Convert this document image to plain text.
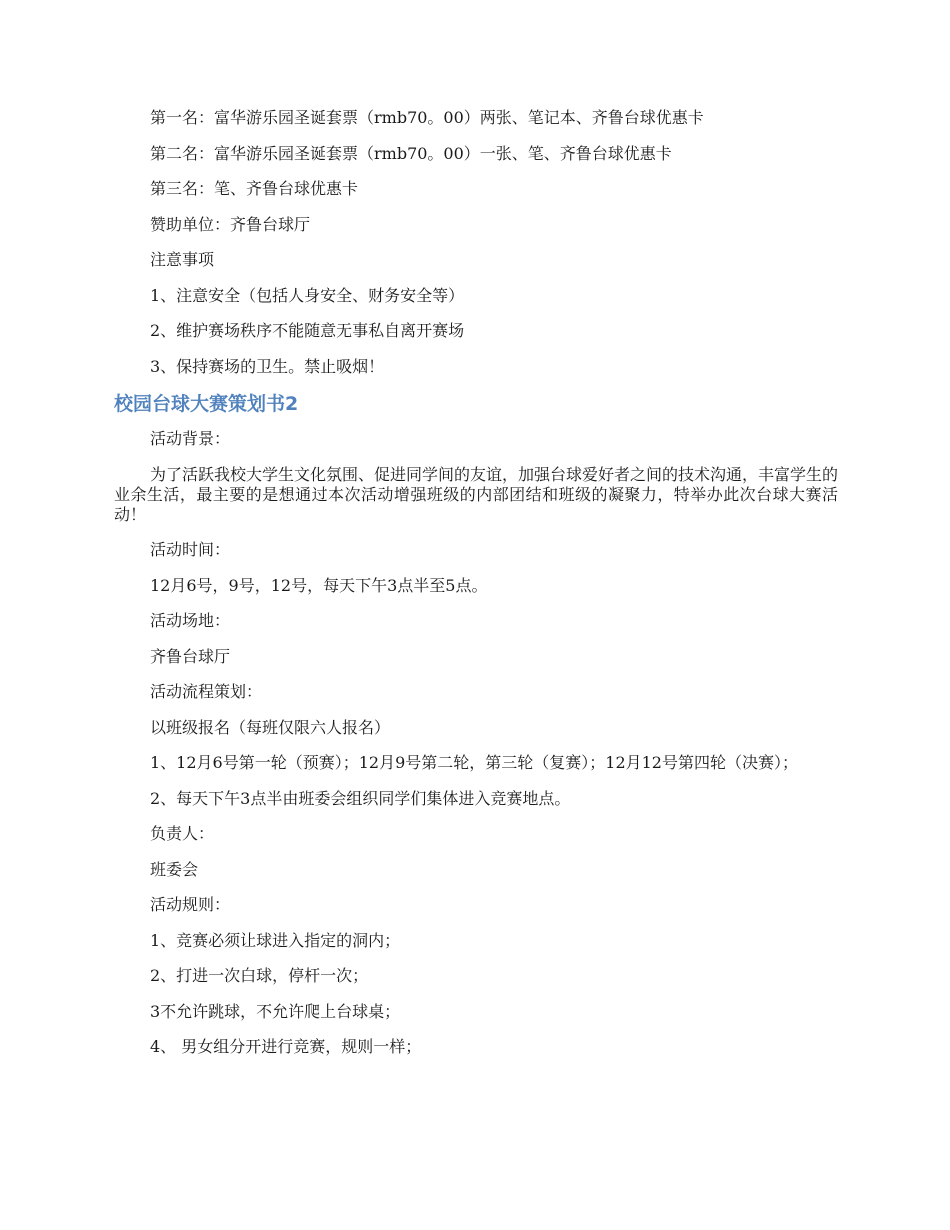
第一名：富华游乐园圣诞套票（rmb70。00）两张、笔记本、齐鲁台球优惠卡

第二名：富华游乐园圣诞套票（rmb70。00）一张、笔、齐鲁台球优惠卡

第三名：笔、齐鲁台球优惠卡

赞助单位：齐鲁台球厅

注意事项

1、注意安全（包括人身安全、财务安全等）

2、维护赛场秩序不能随意无事私自离开赛场

3、保持赛场的卫生。禁止吸烟！

校园台球大赛策划书2

活动背景：

为了活跃我校大学生文化氛围、促进同学间的友谊，加强台球爱好者之间的技术沟通，丰富学生的业余生活，最主要的是想通过本次活动增强班级的内部团结和班级的凝聚力，特举办此次台球大赛活动！

活动时间：

12月6号，9号，12号，每天下午3点半至5点。

活动场地：

齐鲁台球厅

活动流程策划：

以班级报名（每班仅限六人报名）

1、12月6号第一轮（预赛）；12月9号第二轮，第三轮（复赛）；12月12号第四轮（决赛）；

2、每天下午3点半由班委会组织同学们集体进入竞赛地点。

负责人：

班委会

活动规则：

1、竞赛必须让球进入指定的洞内；

2、打进一次白球，停杆一次；

3不允许跳球，不允许爬上台球桌；

4、 男女组分开进行竞赛，规则一样；
